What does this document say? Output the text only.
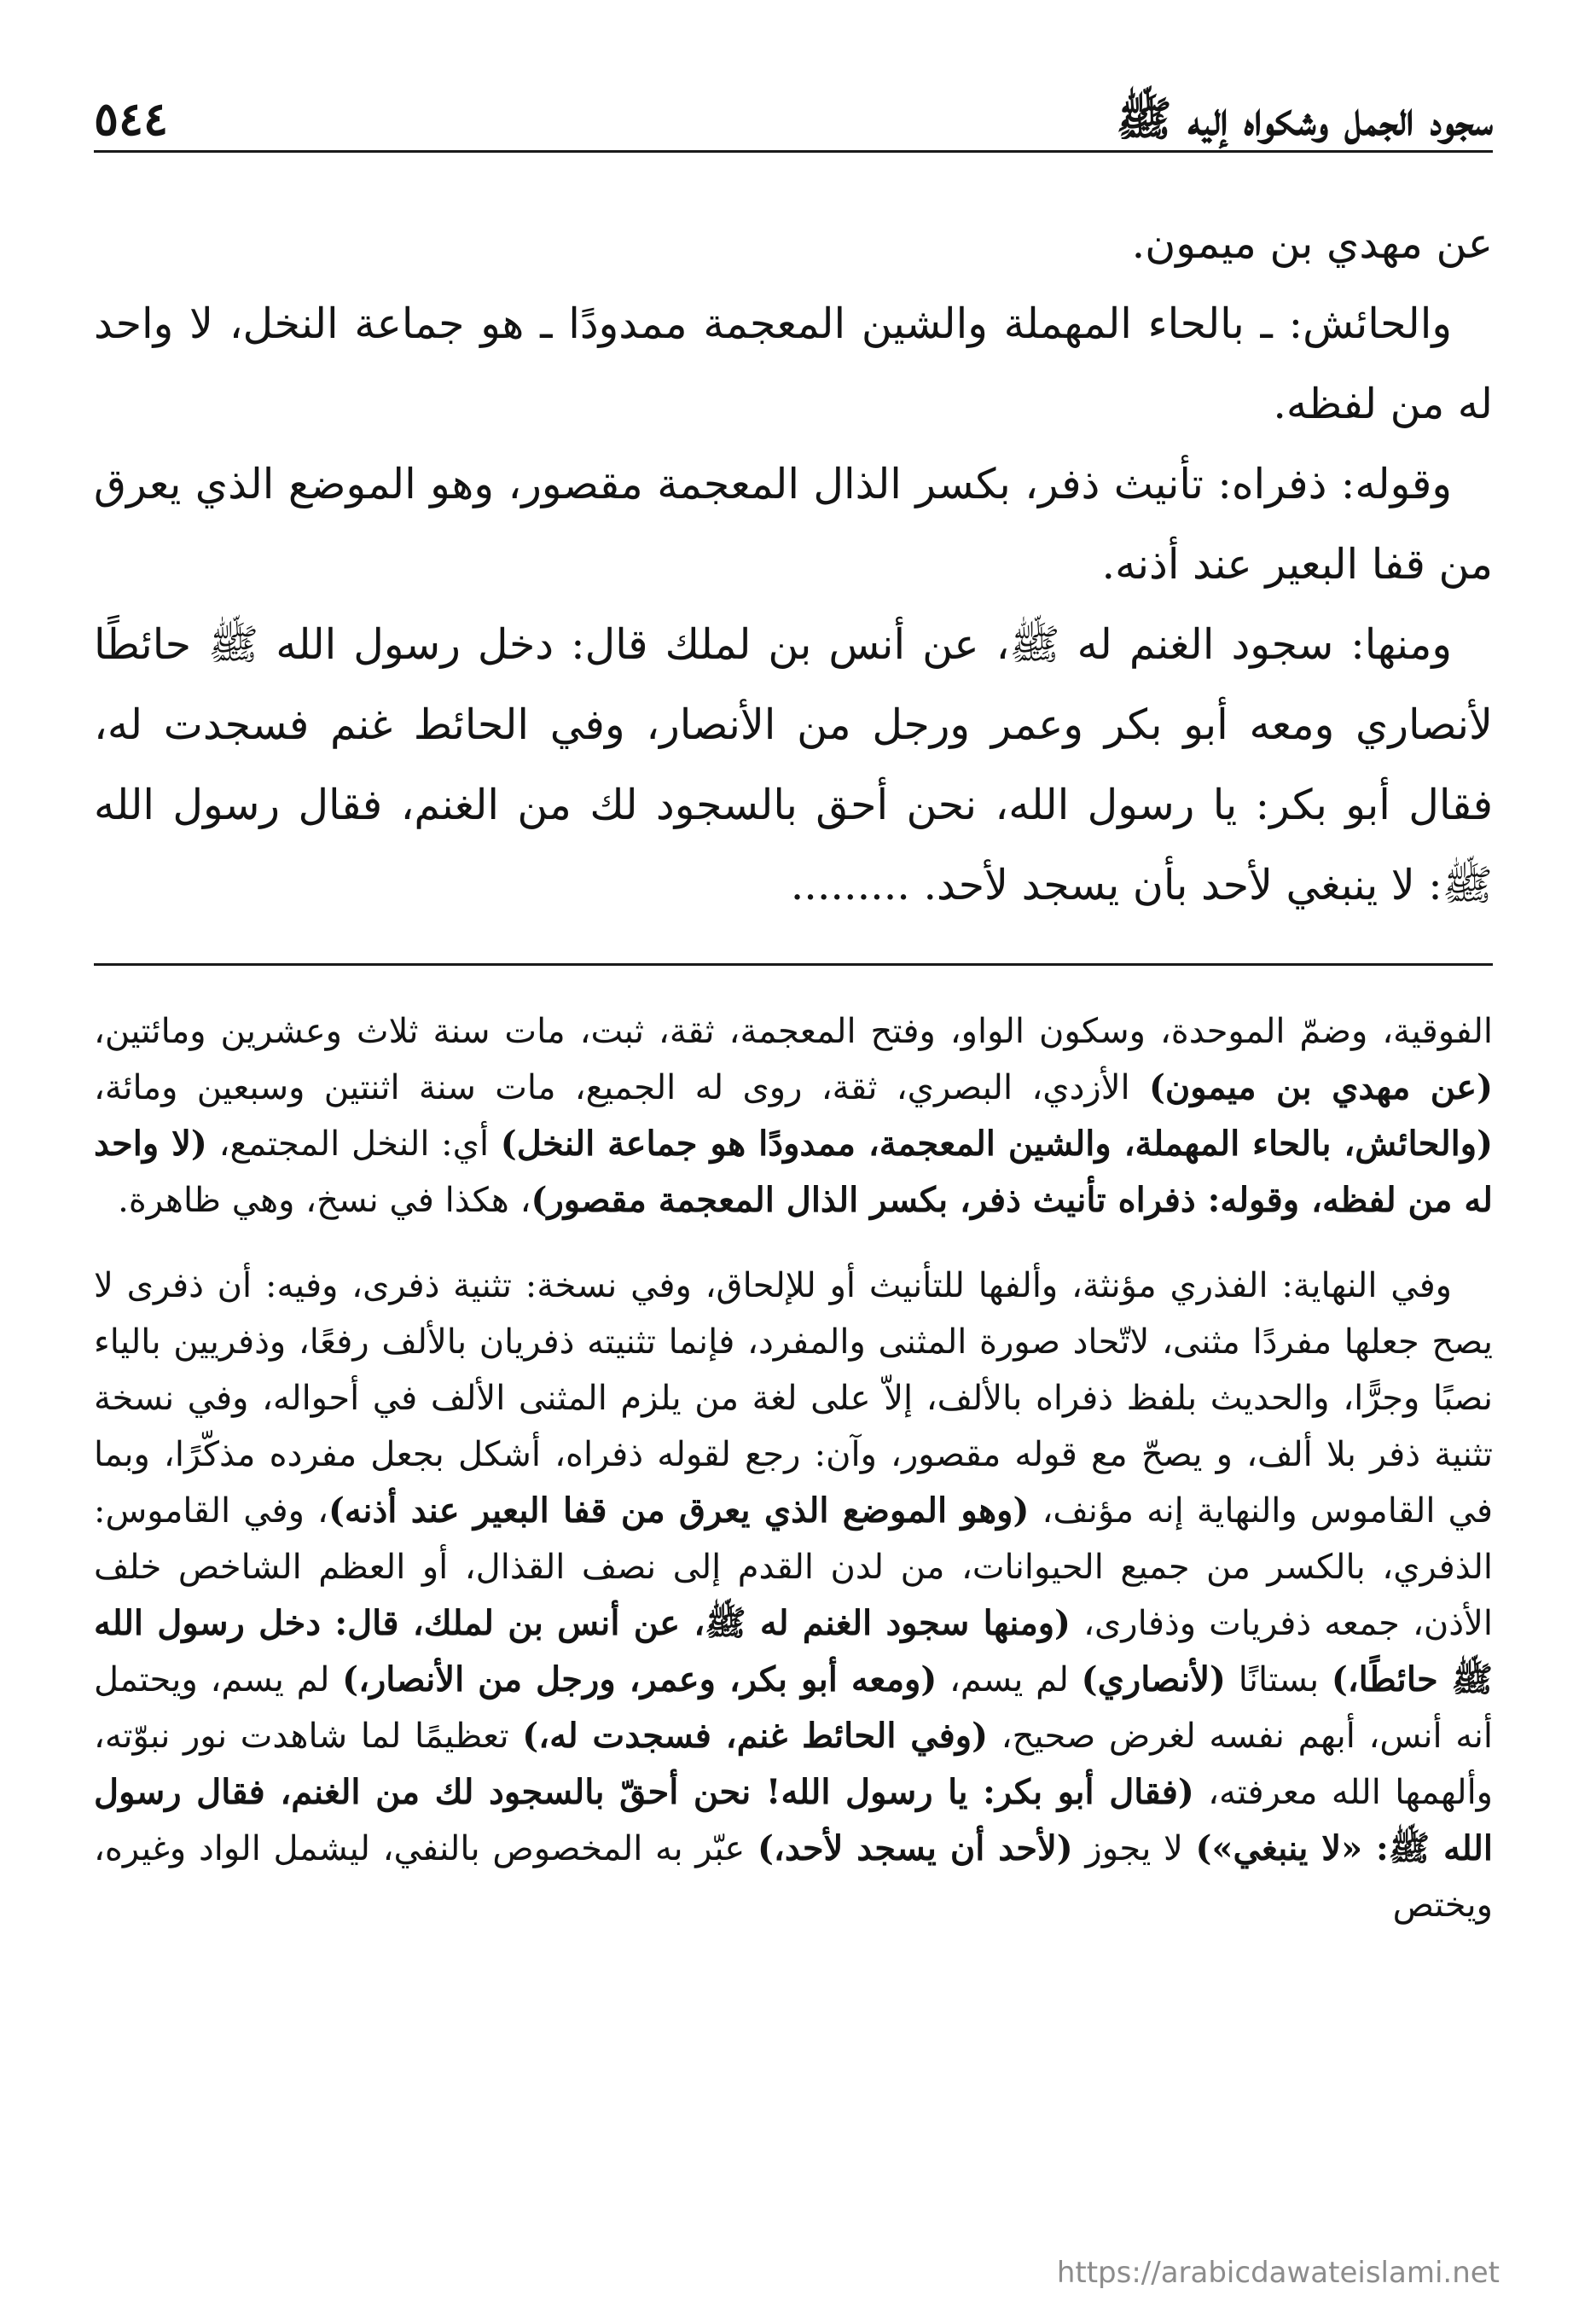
سجود الجمل وشكواه إليه ﷺ
٥٤٤

عن مهدي بن ميمون.

والحائش: ـ بالحاء المهملة والشين المعجمة ممدودًا ـ هو جماعة النخل، لا واحد له من لفظه.

وقوله: ذفراه: تأنيث ذفر، بكسر الذال المعجمة مقصور، وهو الموضع الذي يعرق من قفا البعير عند أذنه.

ومنها: سجود الغنم له ﷺ، عن أنس بن لملك قال: دخل رسول الله ﷺ حائطًا لأنصاري ومعه أبو بكر وعمر ورجل من الأنصار، وفي الحائط غنم فسجدت له، فقال أبو بكر: يا رسول الله، نحن أحق بالسجود لك من الغنم، فقال رسول الله ﷺ: لا ينبغي لأحد بأن يسجد لأحد. .........

الفوقية، وضمّ الموحدة، وسكون الواو، وفتح المعجمة، ثقة، ثبت، مات سنة ثلاث وعشرين ومائتين، (عن مهدي بن ميمون) الأزدي، البصري، ثقة، روى له الجميع، مات سنة اثنتين وسبعين ومائة، (والحائش، بالحاء المهملة، والشين المعجمة، ممدودًا هو جماعة النخل) أي: النخل المجتمع، (لا واحد له من لفظه، وقوله: ذفراه تأنيث ذفر، بكسر الذال المعجمة مقصور)، هكذا في نسخ، وهي ظاهرة.

وفي النهاية: الفذري مؤنثة، وألفها للتأنيث أو للإلحاق، وفي نسخة: تثنية ذفرى، وفيه: أن ذفرى لا يصح جعلها مفردًا مثنى، لاتّحاد صورة المثنى والمفرد، فإنما تثنيته ذفريان بالألف رفعًا، وذفريين بالياء نصبًا وجرًّا، والحديث بلفظ ذفراه بالألف، إلاّ على لغة من يلزم المثنى الألف في أحواله، وفي نسخة تثنية ذفر بلا ألف، و يصحّ مع قوله مقصور، وآن: رجع لقوله ذفراه، أشكل بجعل مفرده مذكّرًا، وبما في القاموس والنهاية إنه مؤنف، (وهو الموضع الذي يعرق من قفا البعير عند أذنه)، وفي القاموس: الذفري، بالكسر من جميع الحيوانات، من لدن القدم إلى نصف القذال، أو العظم الشاخص خلف الأذن، جمعه ذفريات وذفارى، (ومنها سجود الغنم له ﷺ، عن أنس بن لملك، قال: دخل رسول الله ﷺ حائطًا،) بستانًا (لأنصاري) لم يسم، (ومعه أبو بكر، وعمر، ورجل من الأنصار،) لم يسم، ويحتمل أنه أنس، أبهم نفسه لغرض صحيح، (وفي الحائط غنم، فسجدت له،) تعظيمًا لما شاهدت نور نبوّته، وألهمها الله معرفته، (فقال أبو بكر: يا رسول الله! نحن أحقّ بالسجود لك من الغنم، فقال رسول الله ﷺ: «لا ينبغي») لا يجوز (لأحد أن يسجد لأحد،) عبّر به المخصوص بالنفي، ليشمل الواد وغيره، ويختص

https://arabicdawateislami.net
